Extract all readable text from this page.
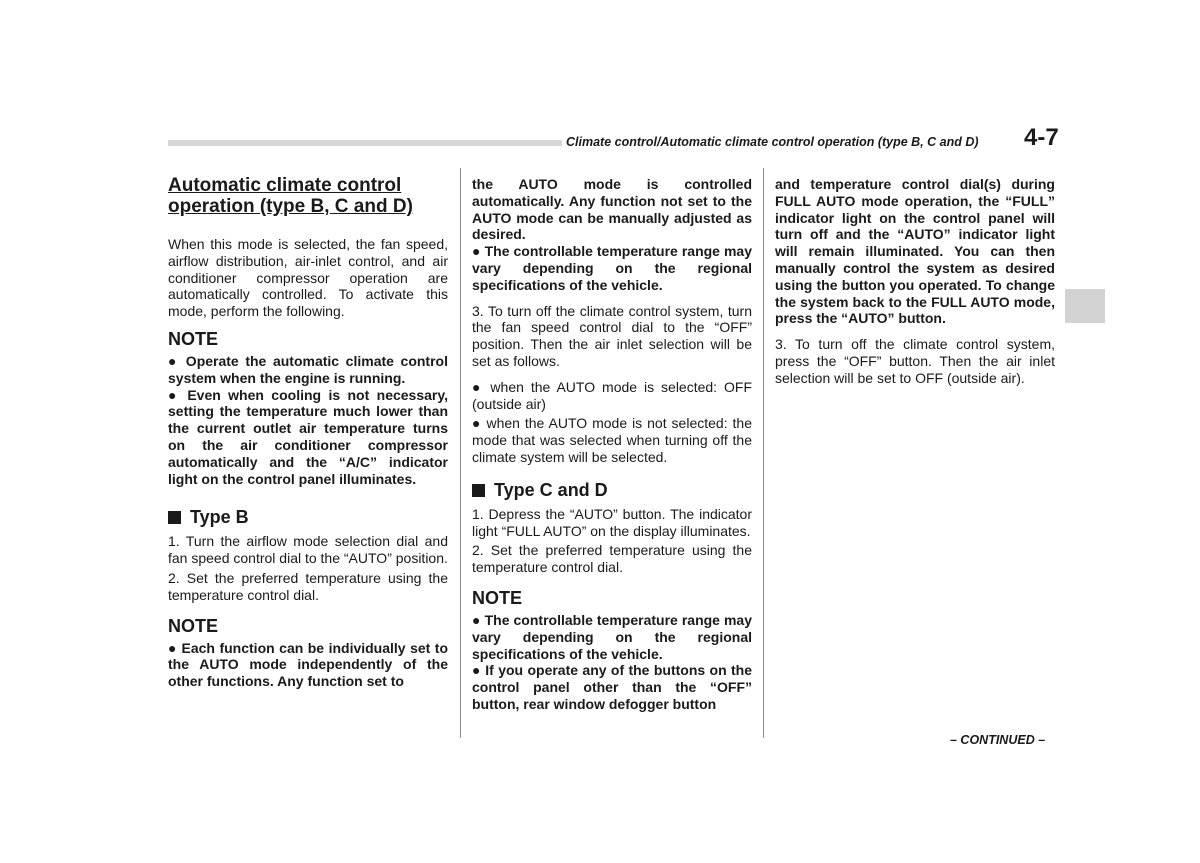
Climate control/Automatic climate control operation (type B, C and D) 4-7
Automatic climate control operation (type B, C and D)

When this mode is selected, the fan speed, airflow distribution, air-inlet control, and air conditioner compressor operation are automatically controlled. To activate this mode, perform the following.

NOTE

● Operate the automatic climate control system when the engine is running.

● Even when cooling is not necessary, setting the temperature much lower than the current outlet air temperature turns on the air conditioner compressor automatically and the “A/C” indicator light on the control panel illuminates.

Type B

1. Turn the airflow mode selection dial and fan speed control dial to the “AUTO” position.

2. Set the preferred temperature using the temperature control dial.

NOTE

● Each function can be individually set to the AUTO mode independently of the other functions. Any function set to

the AUTO mode is controlled automatically. Any function not set to the AUTO mode can be manually adjusted as desired.

● The controllable temperature range may vary depending on the regional specifications of the vehicle.

3. To turn off the climate control system, turn the fan speed control dial to the “OFF” position. Then the air inlet selection will be set as follows.

● when the AUTO mode is selected: OFF (outside air)

● when the AUTO mode is not selected: the mode that was selected when turning off the climate system will be selected.

Type C and D

1. Depress the “AUTO” button. The indicator light “FULL AUTO” on the display illuminates.

2. Set the preferred temperature using the temperature control dial.

NOTE

● The controllable temperature range may vary depending on the regional specifications of the vehicle.

● If you operate any of the buttons on the control panel other than the “OFF” button, rear window defogger button

and temperature control dial(s) during FULL AUTO mode operation, the “FULL” indicator light on the control panel will turn off and the “AUTO” indicator light will remain illuminated. You can then manually control the system as desired using the button you operated. To change the system back to the FULL AUTO mode, press the “AUTO” button.

3. To turn off the climate control system, press the “OFF” button. Then the air inlet selection will be set to OFF (outside air).

– CONTINUED –
